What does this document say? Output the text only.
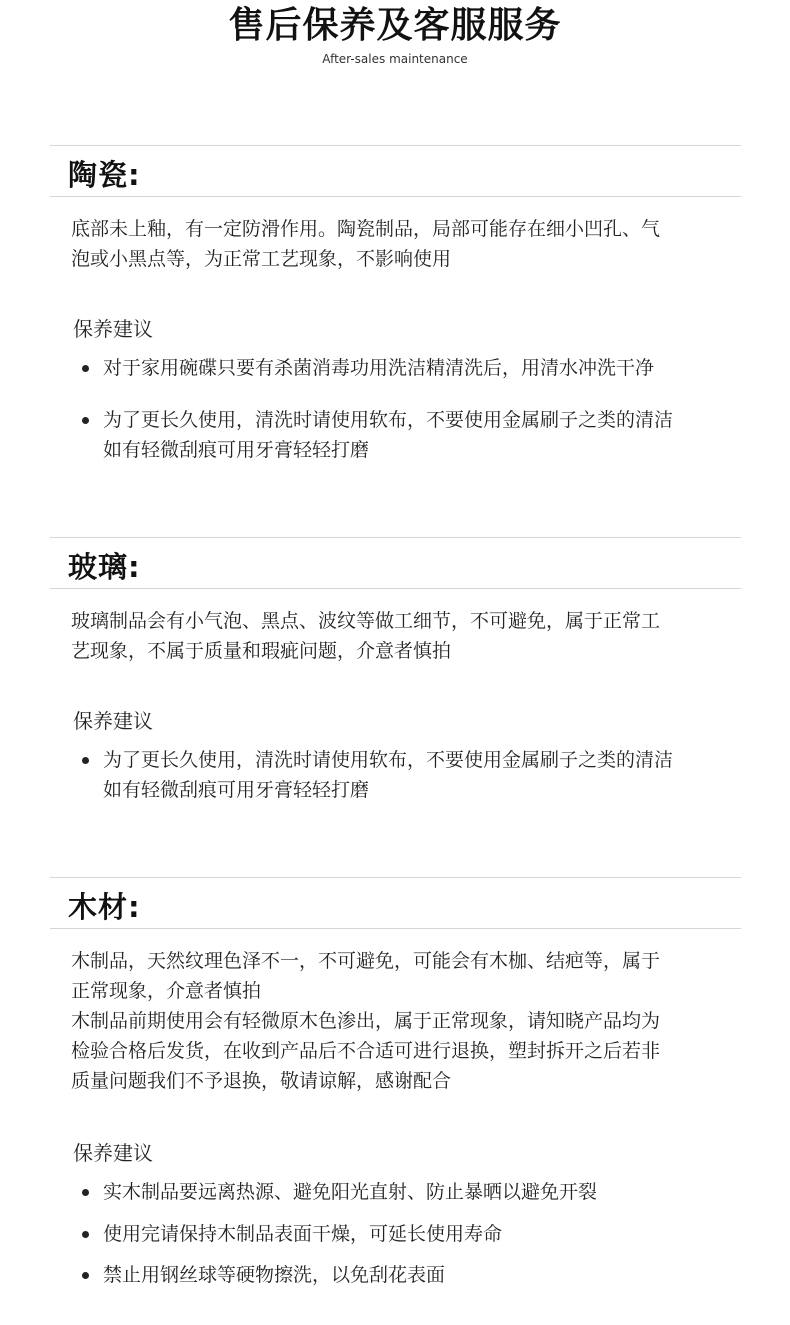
售后保养及客服服务
After-sales maintenance
陶瓷:

底部未上釉，有一定防滑作用。陶瓷制品，局部可能存在细小凹孔、气

泡或小黑点等，为正常工艺现象，不影响使用

保养建议
对于家用碗碟只要有杀菌消毒功用洗洁精清洗后，用清水冲洗干净
为了更长久使用，清洗时请使用软布，不要使用金属刷子之类的清洁
如有轻微刮痕可用牙膏轻轻打磨
玻璃:

玻璃制品会有小气泡、黑点、波纹等做工细节，不可避免，属于正常工

艺现象，不属于质量和瑕疵问题，介意者慎拍

保养建议
为了更长久使用，清洗时请使用软布，不要使用金属刷子之类的清洁
如有轻微刮痕可用牙膏轻轻打磨
木材:

木制品，天然纹理色泽不一，不可避免，可能会有木枷、结疤等，属于

正常现象，介意者慎拍

木制品前期使用会有轻微原木色渗出，属于正常现象，请知晓产品均为

检验合格后发货，在收到产品后不合适可进行退换，塑封拆开之后若非

质量问题我们不予退换，敬请谅解，感谢配合

保养建议
实木制品要远离热源、避免阳光直射、防止暴晒以避免开裂
使用完请保持木制品表面干燥，可延长使用寿命
禁止用钢丝球等硬物擦洗，以免刮花表面
